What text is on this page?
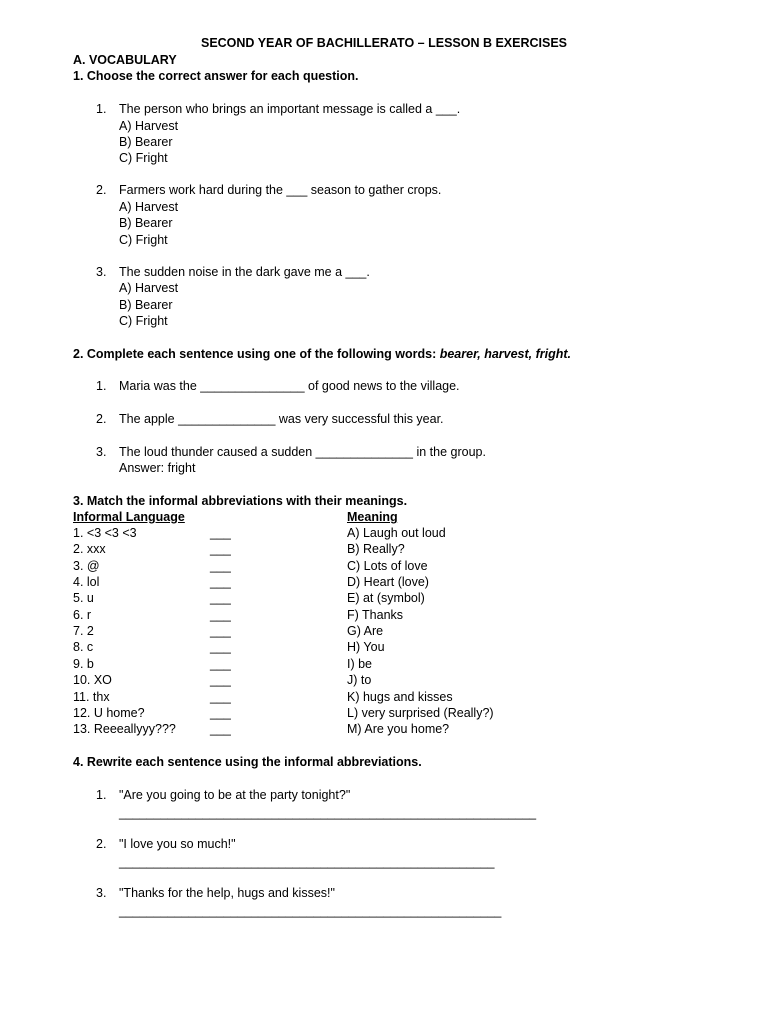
SECOND YEAR OF BACHILLERATO – LESSON B EXERCISES
A. VOCABULARY
1. Choose the correct answer for each question.
1. The person who brings an important message is called a ___.
A) Harvest
B) Bearer
C) Fright
2. Farmers work hard during the ___ season to gather crops.
A) Harvest
B) Bearer
C) Fright
3. The sudden noise in the dark gave me a ___.
A) Harvest
B) Bearer
C) Fright
2. Complete each sentence using one of the following words: bearer, harvest, fright.
1. Maria was the _______________ of good news to the village.
2. The apple ______________ was very successful this year.
3. The loud thunder caused a sudden ______________ in the group.
Answer: fright
3. Match the informal abbreviations with their meanings.
Informal Language	Meaning
1. <3 <3 <3	___	A) Laugh out loud
2. xxx	___	B) Really?
3. @	___	C) Lots of love
4. lol	___	D) Heart (love)
5. u	___	E) at (symbol)
6. r	___	F) Thanks
7. 2	___	G) Are
8. c	___	H) You
9. b	___	I) be
10. XO	___	J) to
11. thx	___	K) hugs and kisses
12. U home?	___	L) very surprised (Really?)
13. Reeeallyyy???	___	M) Are you home?
4. Rewrite each sentence using the informal abbreviations.
1. "Are you going to be at the party tonight?"
____________________________________________________________
2. "I love you so much!"
______________________________________________________
3. "Thanks for the help, hugs and kisses!"
_______________________________________________________
